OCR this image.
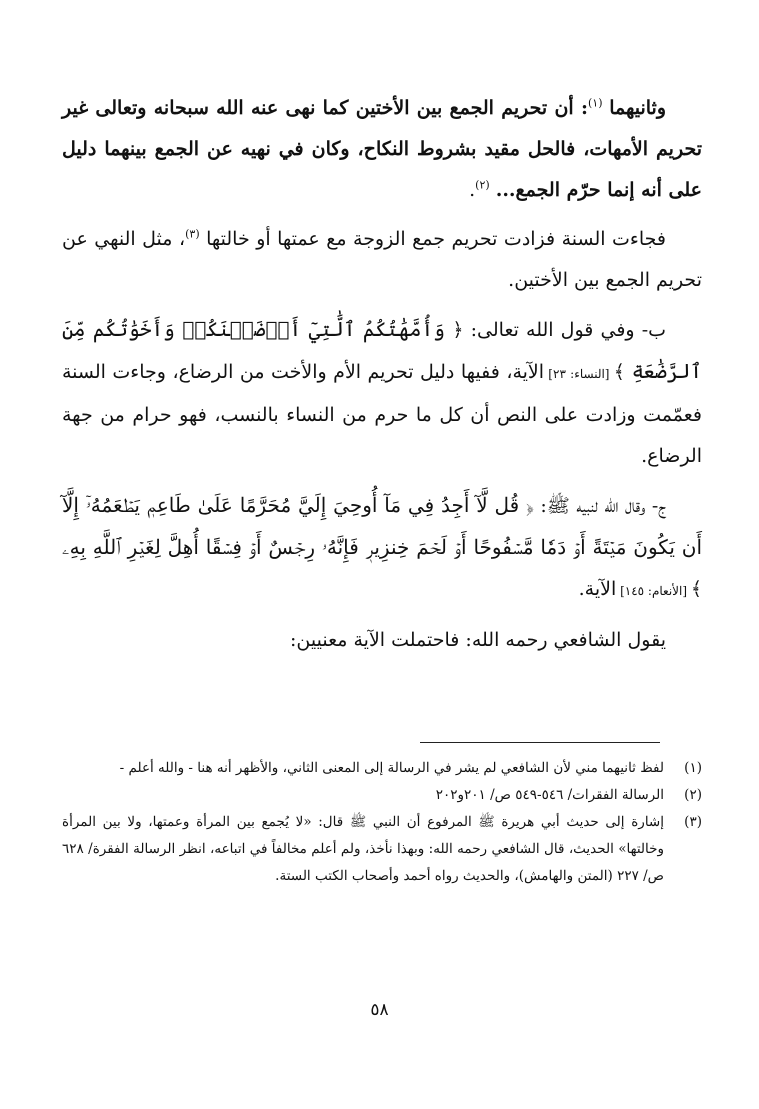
وثانيهما $^{(١)}$: أن تحريم الجمع بين الأختين كما نهى عنه الله سبحانه وتعالى غير تحريم الأمهات، فالحل مقيد بشروط النكاح، وكان في نهيه عن الجمع بينهما دليل على أنه إنما حرّم الجمع... $^{(٢)}$.

فجاءت السنة فزادت تحريم جمع الزوجة مع عمتها أو خالتها $^{(٣)}$، مثل النهي عن تحريم الجمع بين الأختين.

ب- وفي قول الله تعالى: ﴿ وَأُمَّهَٰتُكُمُ ٱلَّٰتِيٓ أَرۡضَعۡنَكُمۡ وَأَخَوَٰتُكُم مِّنَ ٱلرَّضَٰعَةِ ﴾ [النساء: ٢٣] الآية، ففيها دليل تحريم الأم والأخت من الرضاع، وجاءت السنة فعمّمت وزادت على النص أن كل ما حرم من النساء بالنسب، فهو حرام من جهة الرضاع.

ج- وقال الله لنبيه ﷺ: ﴿ قُل لَّآ أَجِدُ فِي مَآ أُوحِيَ إِلَيَّ مُحَرَّمًا عَلَىٰ طَاعِمٖ يَطۡعَمُهُۥٓ إِلَّآ أَن يَكُونَ مَيۡتَةً أَوۡ دَمٗا مَّسۡفُوحًا أَوۡ لَحۡمَ خِنزِيرٖ فَإِنَّهُۥ رِجۡسٌ أَوۡ فِسۡقًا أُهِلَّ لِغَيۡرِ ٱللَّهِ بِهِۦ ﴾ [الأنعام: ١٤٥] الآية.

يقول الشافعي رحمه الله: فاحتملت الآية معنيين:

(١)
لفظ ثانيهما مني لأن الشافعي لم يشر في الرسالة إلى المعنى الثاني، والأظهر أنه هنا - والله أعلم -
(٢)
الرسالة الفقرات/ ٥٤٦-٥٤٩ ص/ ٢٠١و٢٠٢
(٣)
إشارة إلى حديث أبي هريرة ﷺ المرفوع أن النبي ﷺ قال: «لا يُجمع بين المرأة وعمتها، ولا بين المرأة وخالتها» الحديث، قال الشافعي رحمه الله: وبهذا نأخذ، ولم أعلم مخالفاً في اتباعه، انظر الرسالة الفقرة/ ٦٢٨ ص/ ٢٢٧ (المتن والهامش)، والحديث رواه أحمد وأصحاب الكتب الستة.
٥٨
